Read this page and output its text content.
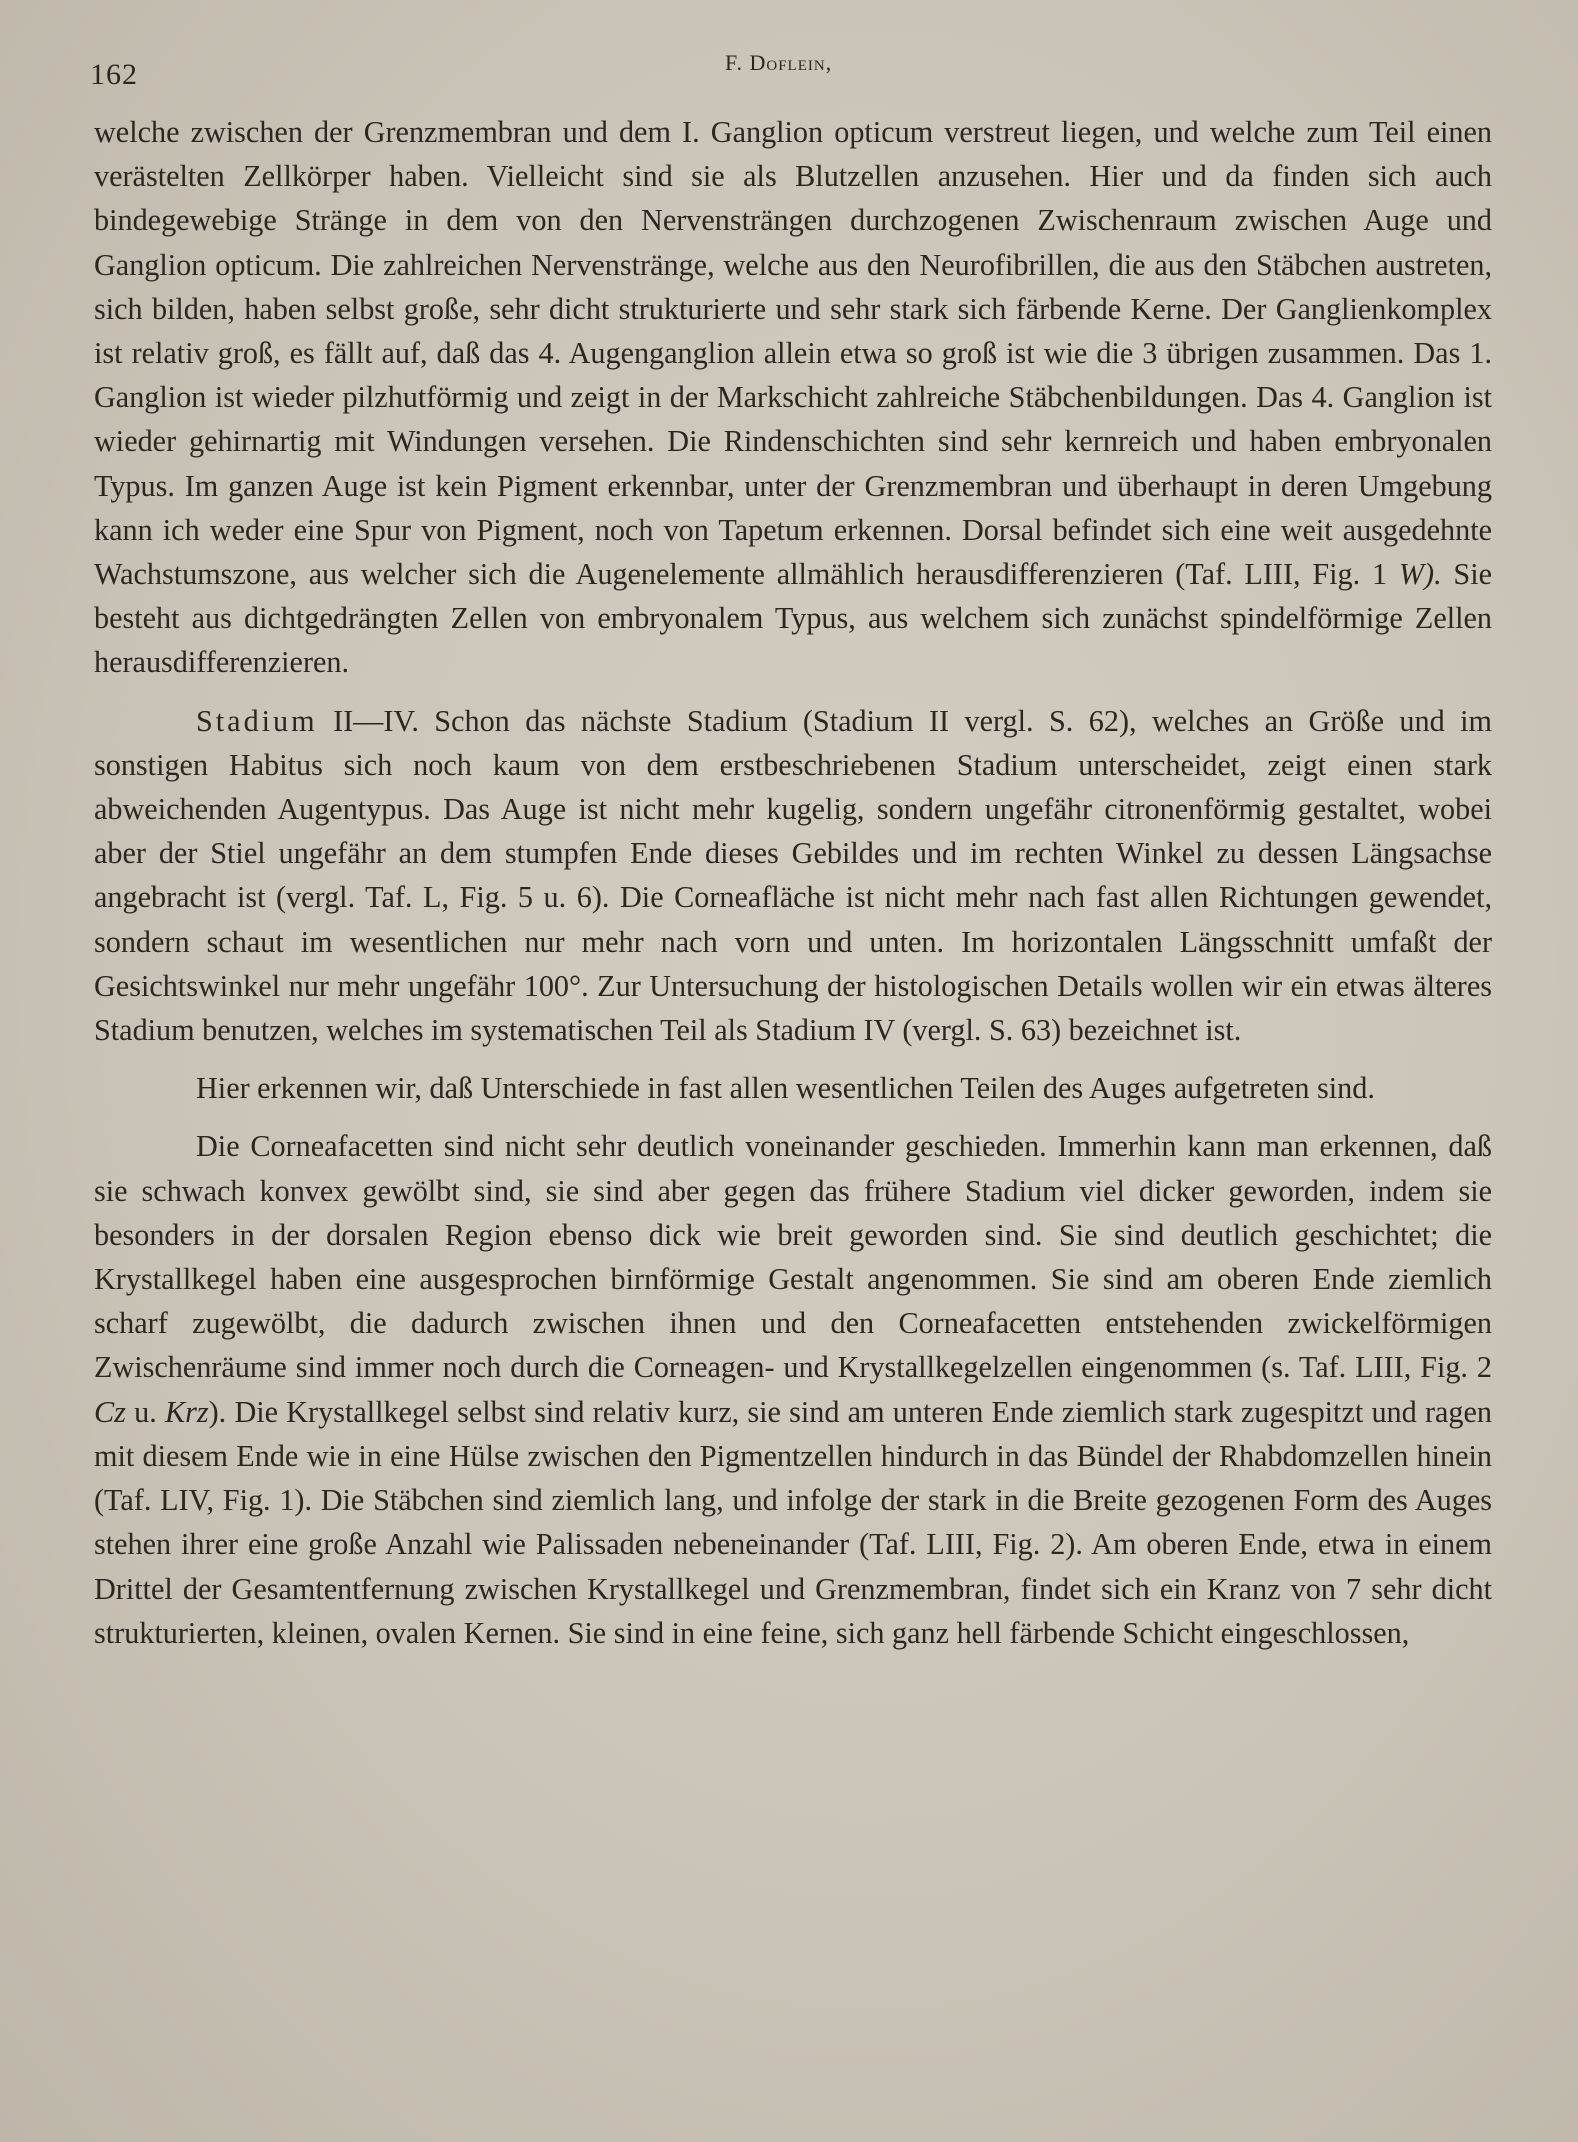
162	F. Doflein,

welche zwischen der Grenzmembran und dem I. Ganglion opticum verstreut liegen, und welche zum Teil einen verästelten Zellkörper haben. Vielleicht sind sie als Blutzellen anzusehen. Hier und da finden sich auch bindegewebige Stränge in dem von den Nervensträngen durchzogenen Zwischenraum zwischen Auge und Ganglion opticum. Die zahlreichen Nervenstränge, welche aus den Neurofibrillen, die aus den Stäbchen austreten, sich bilden, haben selbst große, sehr dicht strukturierte und sehr stark sich färbende Kerne. Der Ganglienkomplex ist relativ groß, es fällt auf, daß das 4. Augenganglion allein etwa so groß ist wie die 3 übrigen zusammen. Das 1. Ganglion ist wieder pilzhutförmig und zeigt in der Markschicht zahlreiche Stäbchenbildungen. Das 4. Ganglion ist wieder gehirnartig mit Windungen versehen. Die Rindenschichten sind sehr kernreich und haben embryonalen Typus. Im ganzen Auge ist kein Pigment erkennbar, unter der Grenzmembran und überhaupt in deren Umgebung kann ich weder eine Spur von Pigment, noch von Tapetum erkennen. Dorsal befindet sich eine weit ausgedehnte Wachstumszone, aus welcher sich die Augenelemente allmählich herausdifferenzieren (Taf. LIII, Fig. 1 W). Sie besteht aus dichtgedrängten Zellen von embryonalem Typus, aus welchem sich zunächst spindelförmige Zellen herausdifferenzieren.

Stadium II—IV. Schon das nächste Stadium (Stadium II vergl. S. 62), welches an Größe und im sonstigen Habitus sich noch kaum von dem erstbeschriebenen Stadium unterscheidet, zeigt einen stark abweichenden Augentypus. Das Auge ist nicht mehr kugelig, sondern ungefähr citronenförmig gestaltet, wobei aber der Stiel ungefähr an dem stumpfen Ende dieses Gebildes und im rechten Winkel zu dessen Längsachse angebracht ist (vergl. Taf. L, Fig. 5 u. 6). Die Corneafläche ist nicht mehr nach fast allen Richtungen gewendet, sondern schaut im wesentlichen nur mehr nach vorn und unten. Im horizontalen Längsschnitt umfaßt der Gesichtswinkel nur mehr ungefähr 100°. Zur Untersuchung der histologischen Details wollen wir ein etwas älteres Stadium benutzen, welches im systematischen Teil als Stadium IV (vergl. S. 63) bezeichnet ist.

Hier erkennen wir, daß Unterschiede in fast allen wesentlichen Teilen des Auges aufgetreten sind.

Die Corneafacetten sind nicht sehr deutlich voneinander geschieden. Immerhin kann man erkennen, daß sie schwach konvex gewölbt sind, sie sind aber gegen das frühere Stadium viel dicker geworden, indem sie besonders in der dorsalen Region ebenso dick wie breit geworden sind. Sie sind deutlich geschichtet; die Krystallkegel haben eine ausgesprochen birnförmige Gestalt angenommen. Sie sind am oberen Ende ziemlich scharf zugewölbt, die dadurch zwischen ihnen und den Corneafacetten entstehenden zwickelförmigen Zwischenräume sind immer noch durch die Corneagen- und Krystallkegelzellen eingenommen (s. Taf. LIII, Fig. 2 Cz u. Krz). Die Krystallkegel selbst sind relativ kurz, sie sind am unteren Ende ziemlich stark zugespitzt und ragen mit diesem Ende wie in eine Hülse zwischen den Pigmentzellen hindurch in das Bündel der Rhabdomzellen hinein (Taf. LIV, Fig. 1). Die Stäbchen sind ziemlich lang, und infolge der stark in die Breite gezogenen Form des Auges stehen ihrer eine große Anzahl wie Palissaden nebeneinander (Taf. LIII, Fig. 2). Am oberen Ende, etwa in einem Drittel der Gesamtentfernung zwischen Krystallkegel und Grenzmembran, findet sich ein Kranz von 7 sehr dicht strukturierten, kleinen, ovalen Kernen. Sie sind in eine feine, sich ganz hell färbende Schicht eingeschlossen,
